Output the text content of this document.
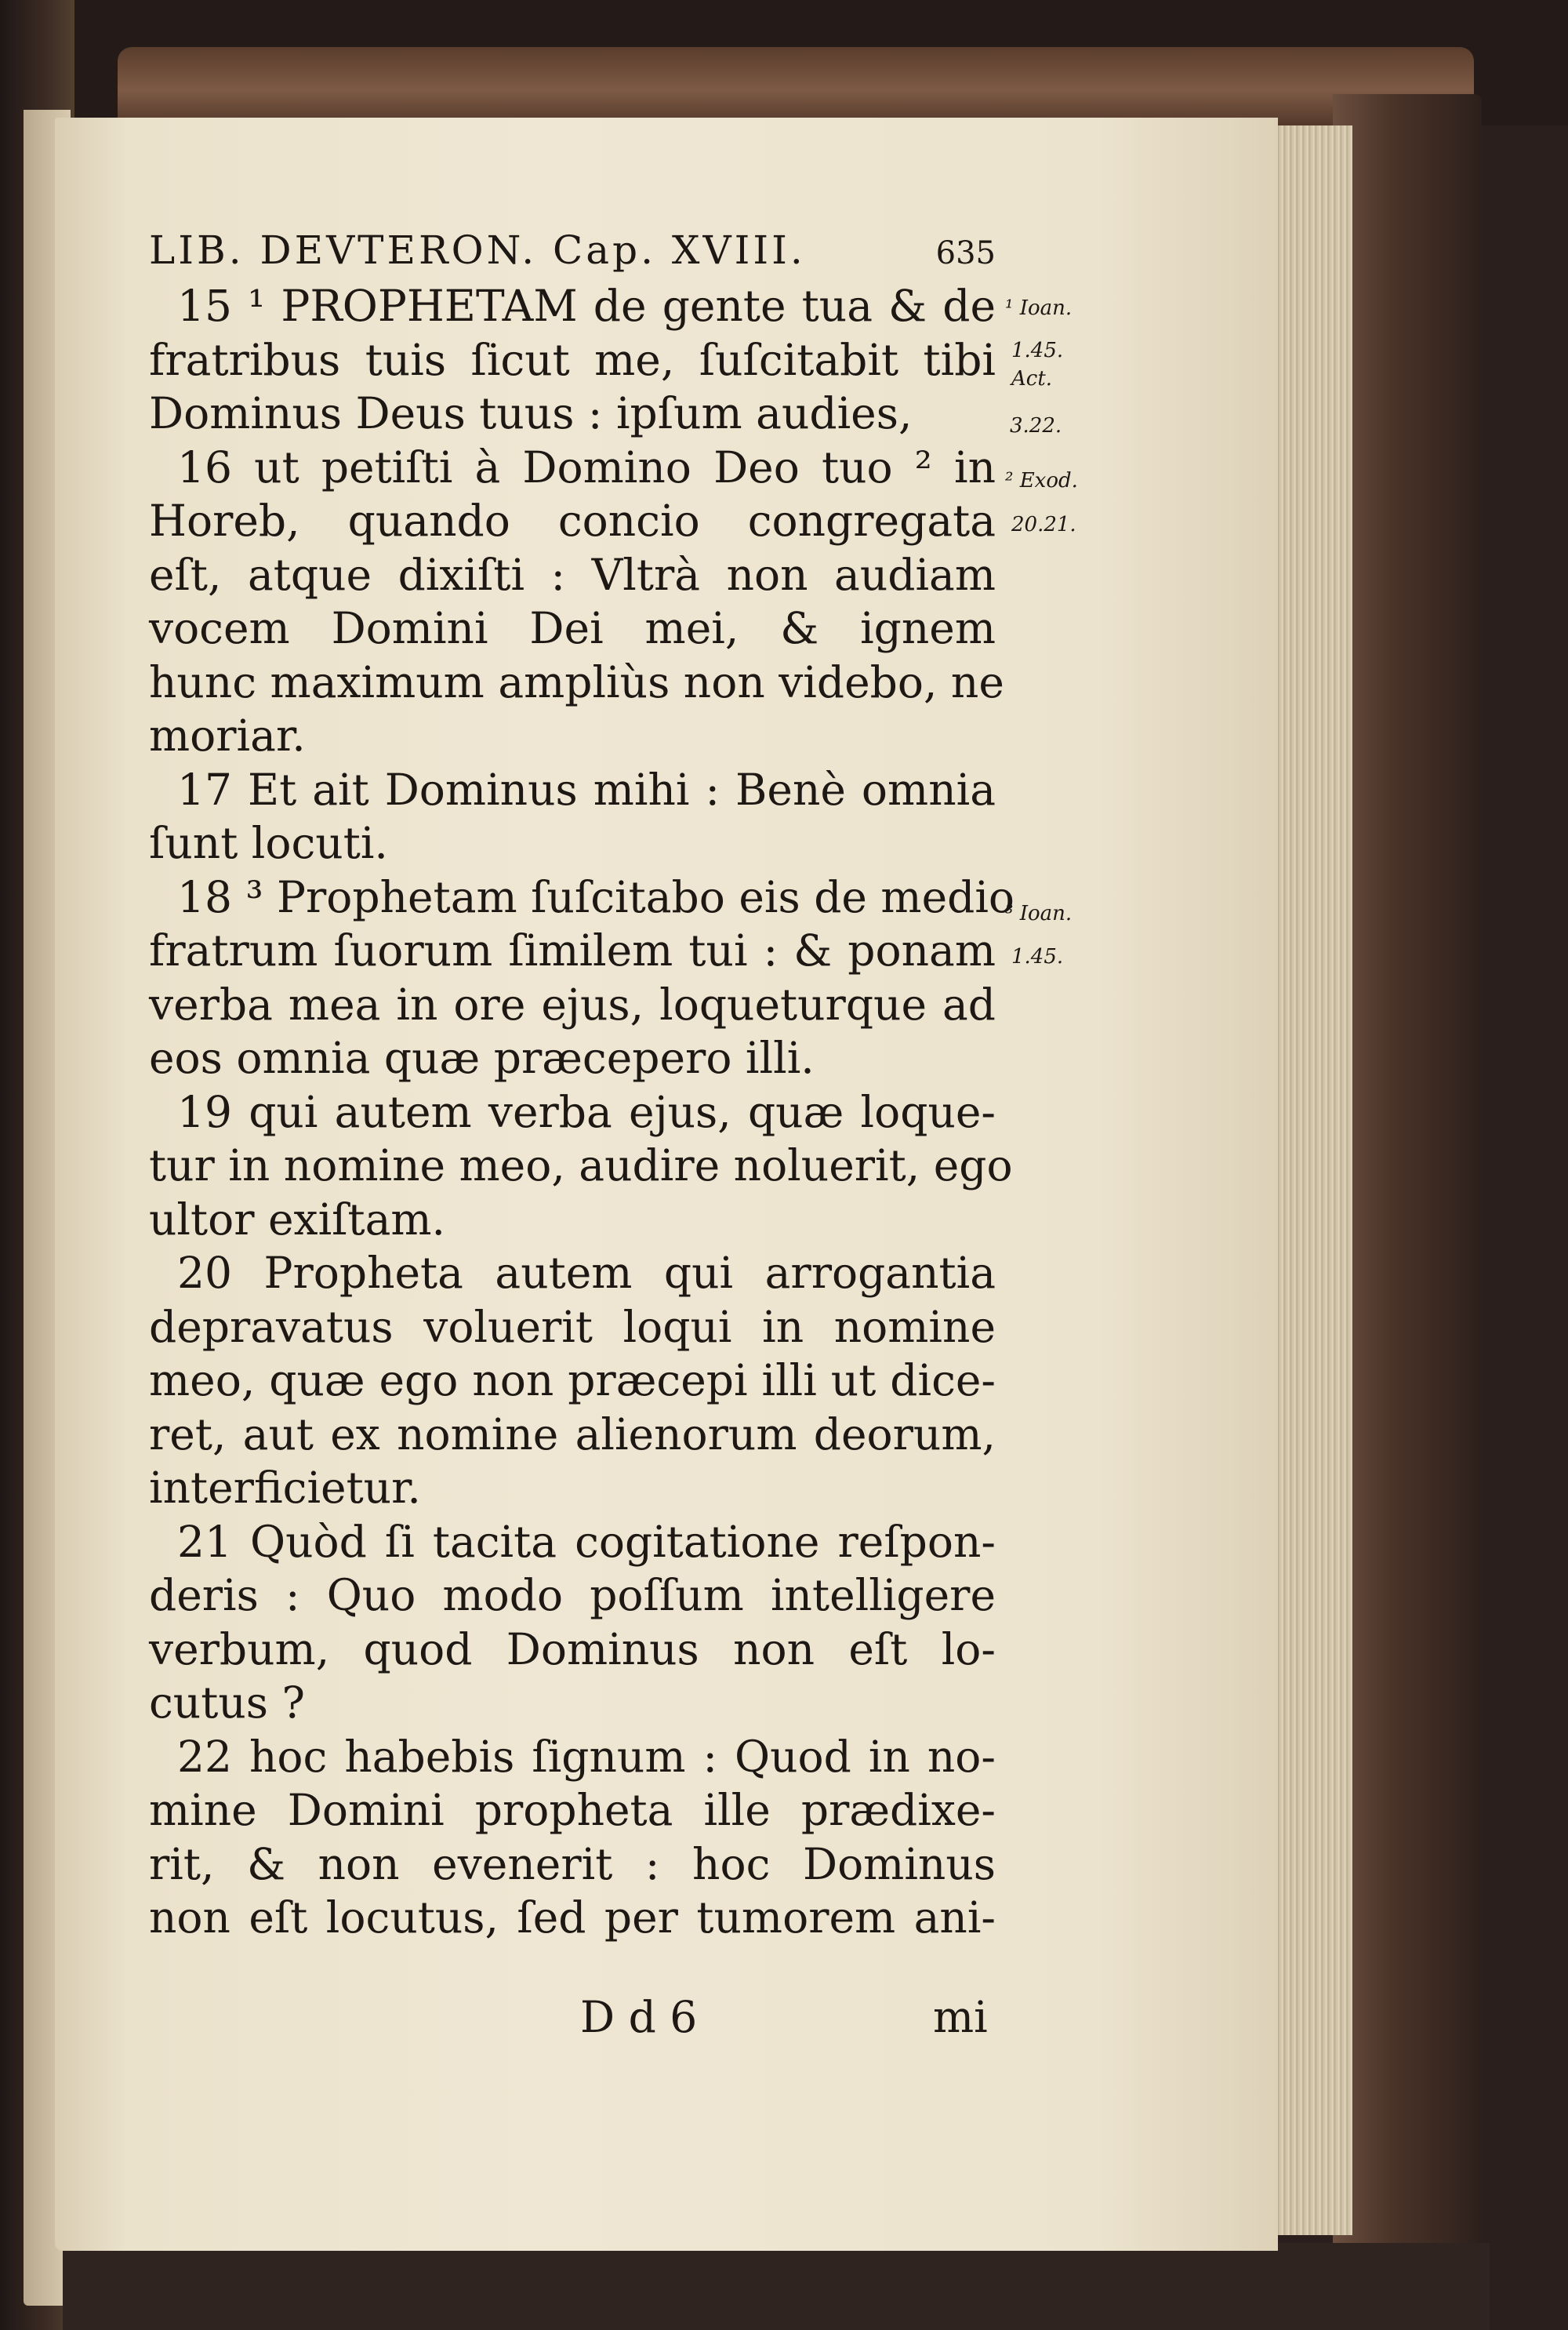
LIB. DEVTERON. Cap. XVIII.	635
15 ¹ PROPHETAM de gente tua & de
fratribus tuis ſicut me, ſuſcitabit tibi
Dominus Deus tuus : ipſum audies,
16 ut petiſti à Domino Deo tuo ² in
Horeb, quando concio congregata
eſt, atque dixiſti : Vltrà non audiam
vocem Domini Dei mei, & ignem
hunc maximum ampliùs non videbo, ne
moriar.
17 Et ait Dominus mihi : Benè omnia
ſunt locuti.
18 ³ Prophetam ſuſcitabo eis de medio
fratrum ſuorum ſimilem tui : & ponam
verba mea in ore ejus, loqueturque ad
eos omnia quæ præcepero illi.
19 qui autem verba ejus, quæ loque-
tur in nomine meo, audire noluerit, ego
ultor exiſtam.
20 Propheta autem qui arrogantia
depravatus voluerit loqui in nomine
meo, quæ ego non præcepi illi ut dice-
ret, aut ex nomine alienorum deorum,
interficietur.
21 Quòd ſi tacita cogitatione reſpon-
deris : Quo modo poſſum intelligere
verbum, quod Dominus non eſt lo-
cutus ?
22 hoc habebis ſignum : Quod in no-
mine Domini propheta ille prædixe-
rit, & non evenerit : hoc Dominus
non eſt locutus, ſed per tumorem ani-
D d 6	mi
¹ Ioan.
1.45.
Act.
3.22.
² Exod.
20.21.
³ Ioan.
1.45.
